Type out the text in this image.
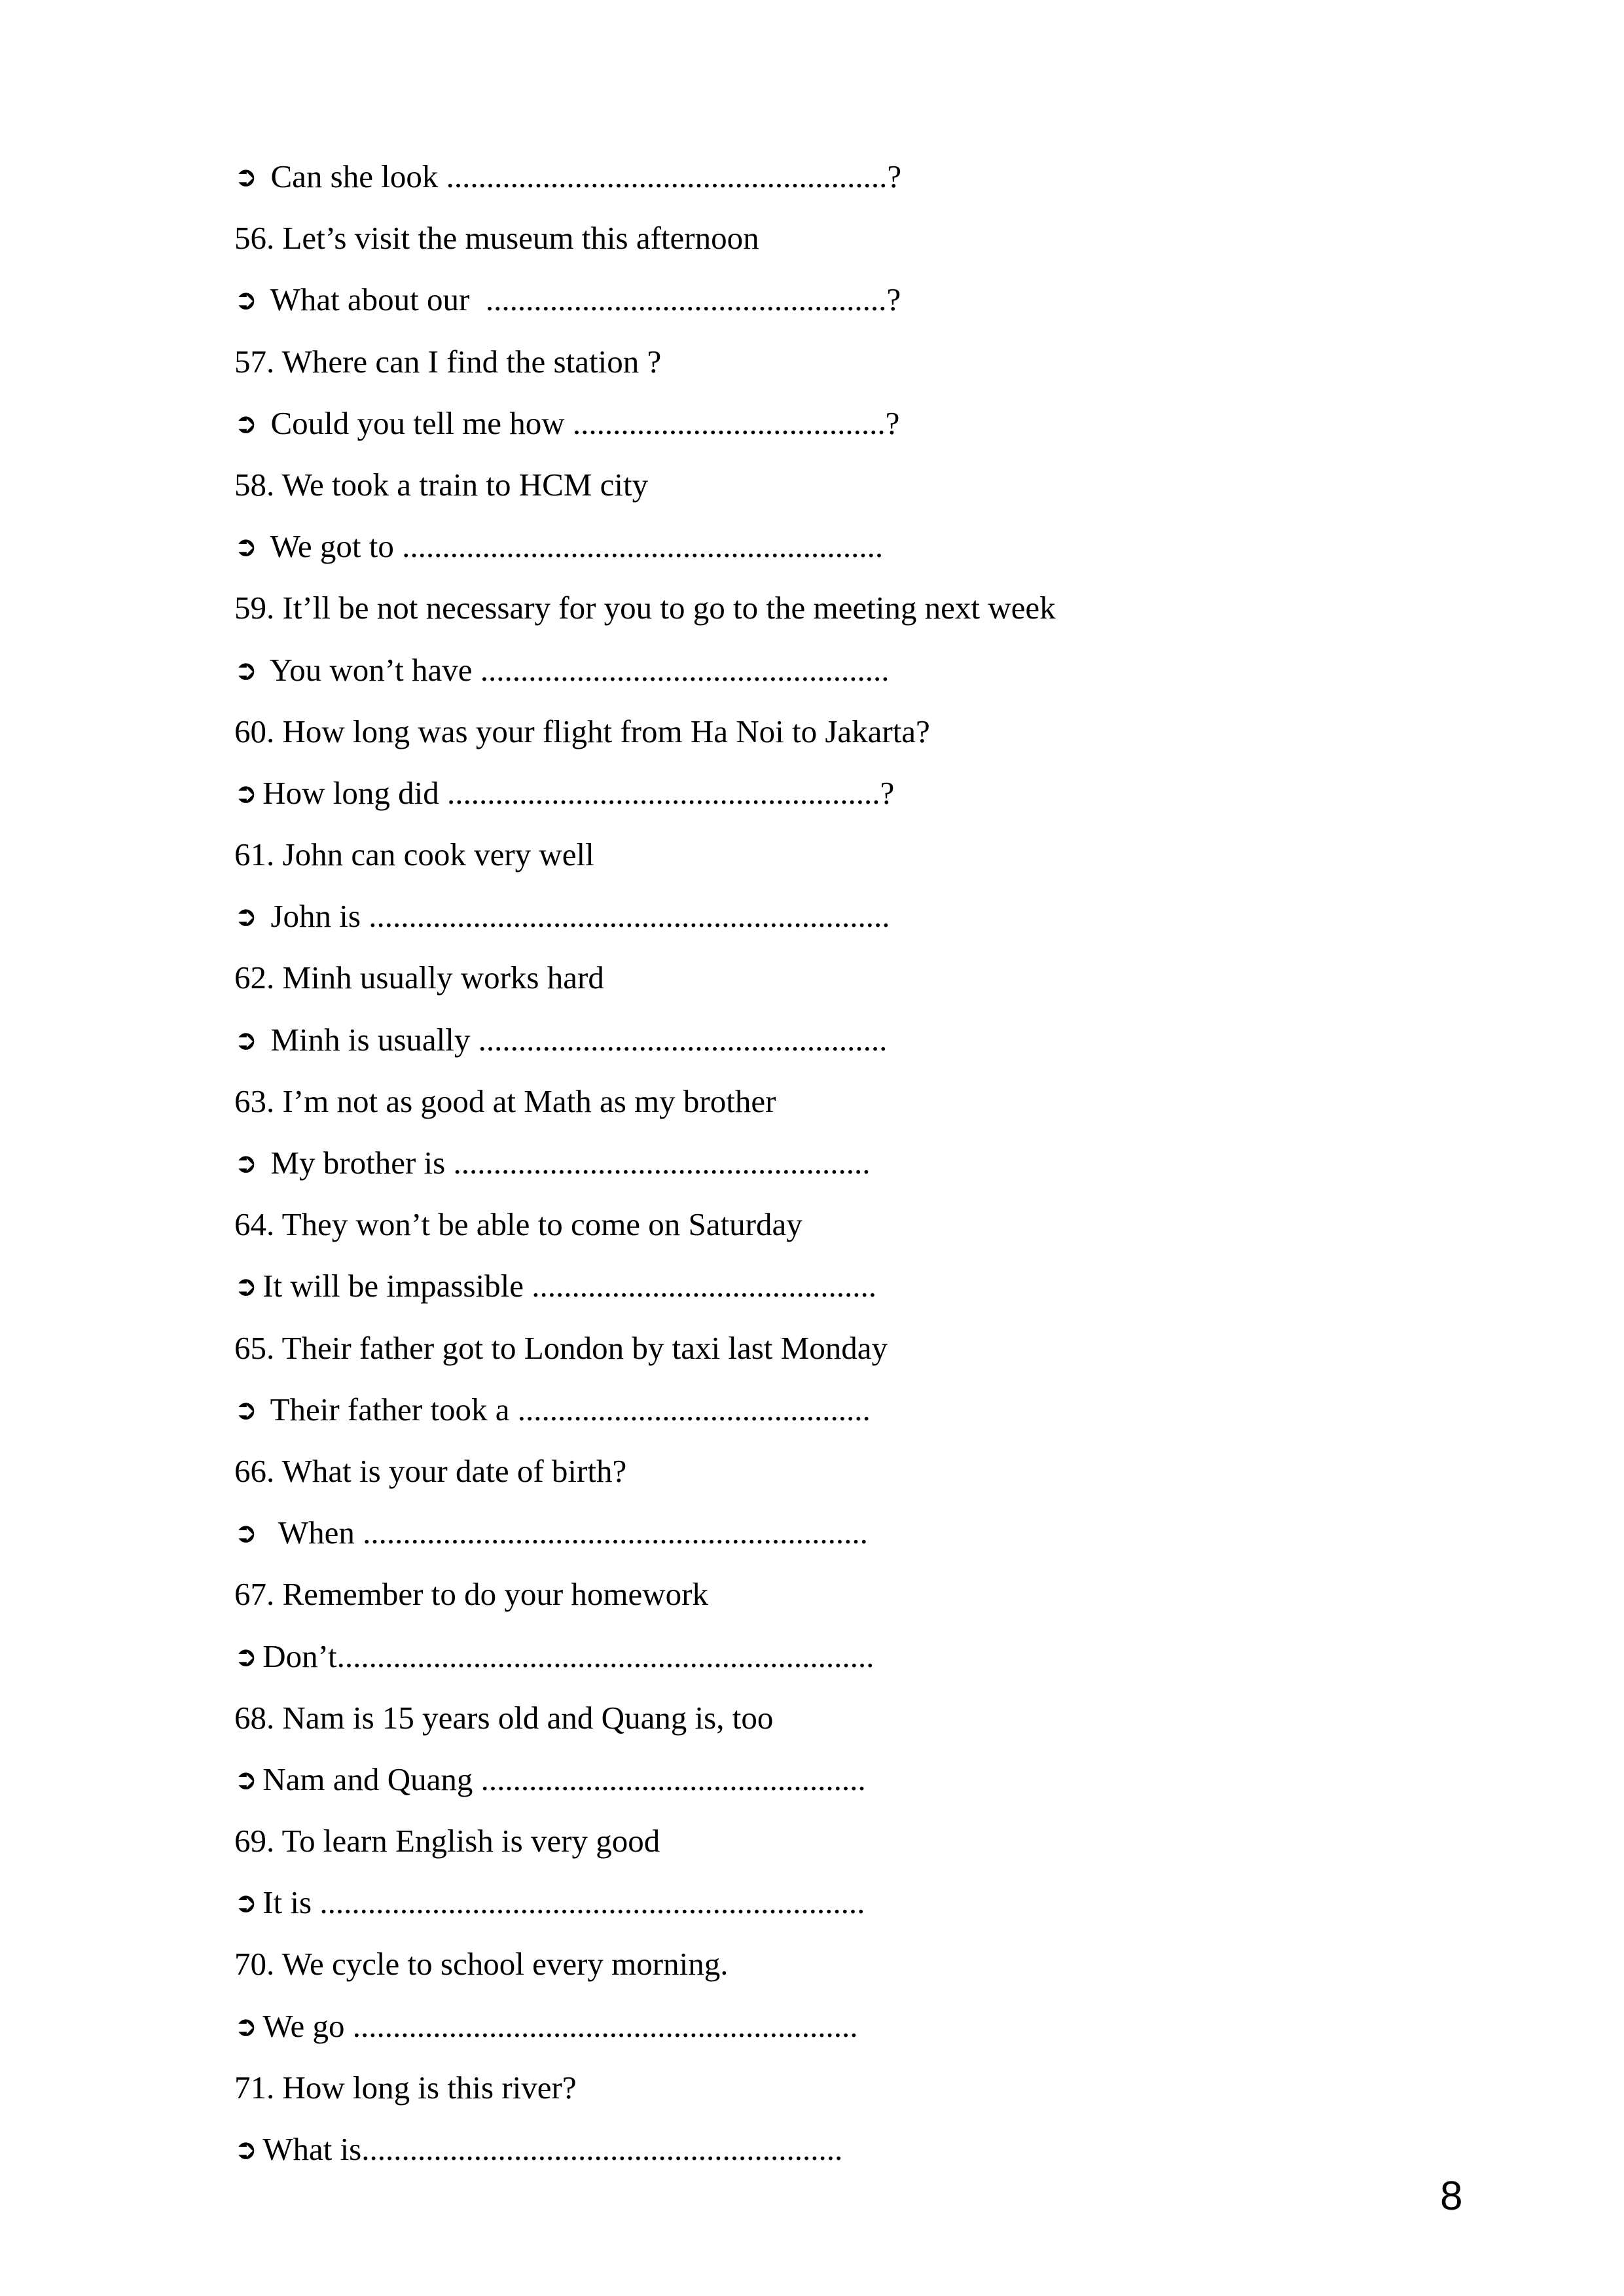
➲ Can she look .......................................................?
56. Let’s visit the museum this afternoon
➲ What about our  ..................................................?
57. Where can I find the station ?
➲ Could you tell me how .......................................?
58. We took a train to HCM city
➲ We got to ............................................................
59. It’ll be not necessary for you to go to the meeting next week
➲ You won’t have ...................................................
60. How long was your flight from Ha Noi to Jakarta?
➲ How long did ......................................................?
61. John can cook very well
➲ John is .................................................................
62. Minh usually works hard
➲ Minh is usually ...................................................
63. I’m not as good at Math as my brother
➲ My brother is ....................................................
64. They won’t be able to come on Saturday
➲ It will be impassible ...........................................
65. Their father got to London by taxi last Monday
➲ Their father took a ............................................
66. What is your date of birth?
➲  When ...............................................................
67. Remember to do your homework
➲ Don’t...................................................................
68. Nam is 15 years old and Quang is, too
➲ Nam and Quang ................................................
69. To learn English is very good
➲ It is ....................................................................
70. We cycle to school every morning.
➲ We go ...............................................................
71. How long is this river?
➲ What is............................................................
8
